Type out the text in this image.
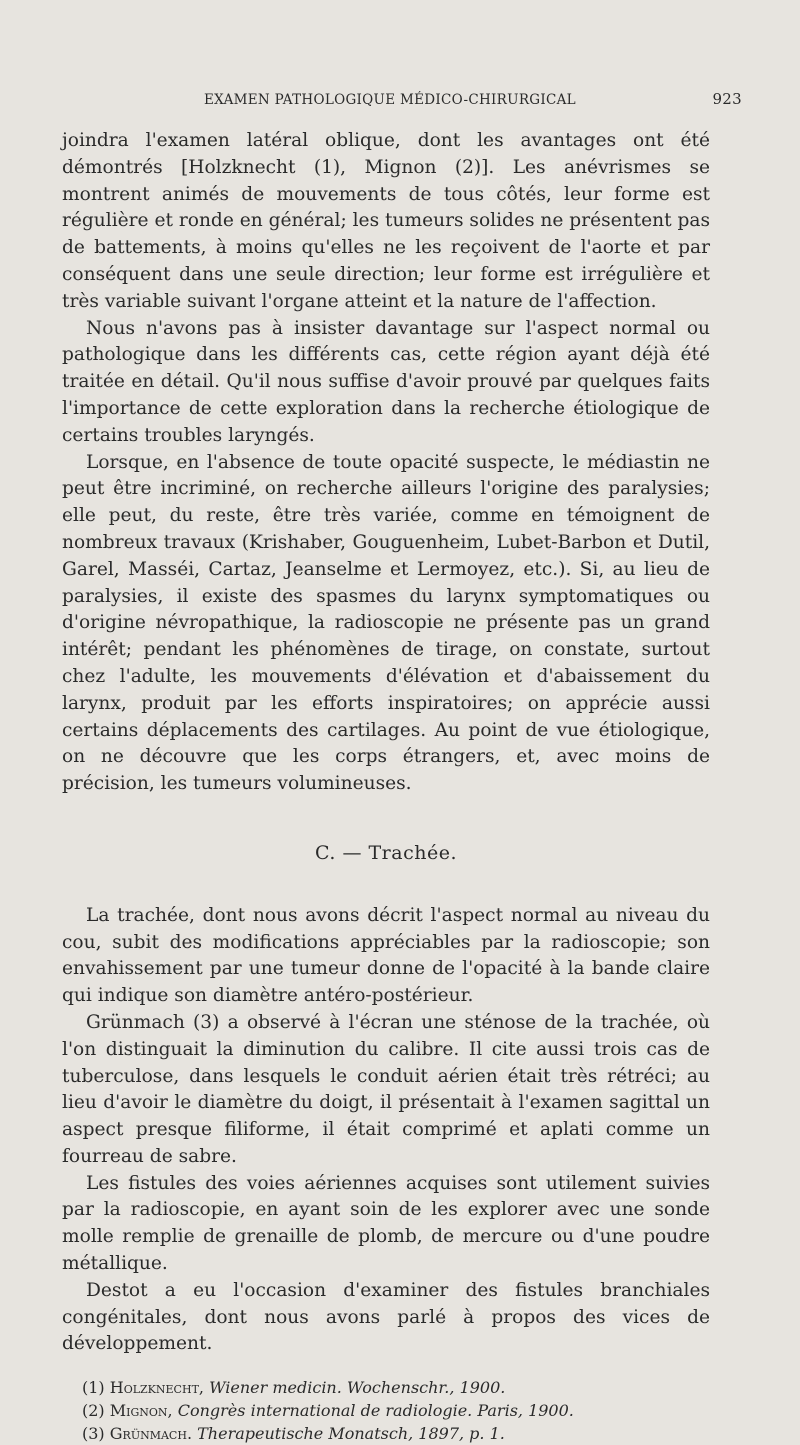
EXAMEN PATHOLOGIQUE MÉDICO-CHIRURGICAL	923

joindra l'examen latéral oblique, dont les avantages ont été démontrés [Holzknecht (1), Mignon (2)]. Les anévrismes se montrent animés de mouvements de tous côtés, leur forme est régulière et ronde en général; les tumeurs solides ne présentent pas de battements, à moins qu'elles ne les reçoivent de l'aorte et par conséquent dans une seule direction; leur forme est irrégulière et très variable suivant l'organe atteint et la nature de l'affection.

Nous n'avons pas à insister davantage sur l'aspect normal ou pathologique dans les différents cas, cette région ayant déjà été traitée en détail. Qu'il nous suffise d'avoir prouvé par quelques faits l'importance de cette exploration dans la recherche étiologique de certains troubles laryngés.

Lorsque, en l'absence de toute opacité suspecte, le médiastin ne peut être incriminé, on recherche ailleurs l'origine des paralysies; elle peut, du reste, être très variée, comme en témoignent de nombreux travaux (Krishaber, Gouguenheim, Lubet-Barbon et Dutil, Garel, Masséi, Cartaz, Jeanselme et Lermoyez, etc.). Si, au lieu de paralysies, il existe des spasmes du larynx symptomatiques ou d'origine névropathique, la radioscopie ne présente pas un grand intérêt; pendant les phénomènes de tirage, on constate, surtout chez l'adulte, les mouvements d'élévation et d'abaissement du larynx, produit par les efforts inspiratoires; on apprécie aussi certains déplacements des cartilages. Au point de vue étiologique, on ne découvre que les corps étrangers, et, avec moins de précision, les tumeurs volumineuses.

C. — Trachée.

La trachée, dont nous avons décrit l'aspect normal au niveau du cou, subit des modifications appréciables par la radioscopie; son envahissement par une tumeur donne de l'opacité à la bande claire qui indique son diamètre antéro-postérieur.

Grünmach (3) a observé à l'écran une sténose de la trachée, où l'on distinguait la diminution du calibre. Il cite aussi trois cas de tuberculose, dans lesquels le conduit aérien était très rétréci; au lieu d'avoir le diamètre du doigt, il présentait à l'examen sagittal un aspect presque filiforme, il était comprimé et aplati comme un fourreau de sabre.

Les fistules des voies aériennes acquises sont utilement suivies par la radioscopie, en ayant soin de les explorer avec une sonde molle remplie de grenaille de plomb, de mercure ou d'une poudre métallique.

Destot a eu l'occasion d'examiner des fistules branchiales congénitales, dont nous avons parlé à propos des vices de développement.

(1) Holzknecht, Wiener medicin. Wochenschr., 1900.
(2) Mignon, Congrès international de radiologie. Paris, 1900.
(3) Grünmach. Therapeutische Monatsch, 1897, p. 1.
